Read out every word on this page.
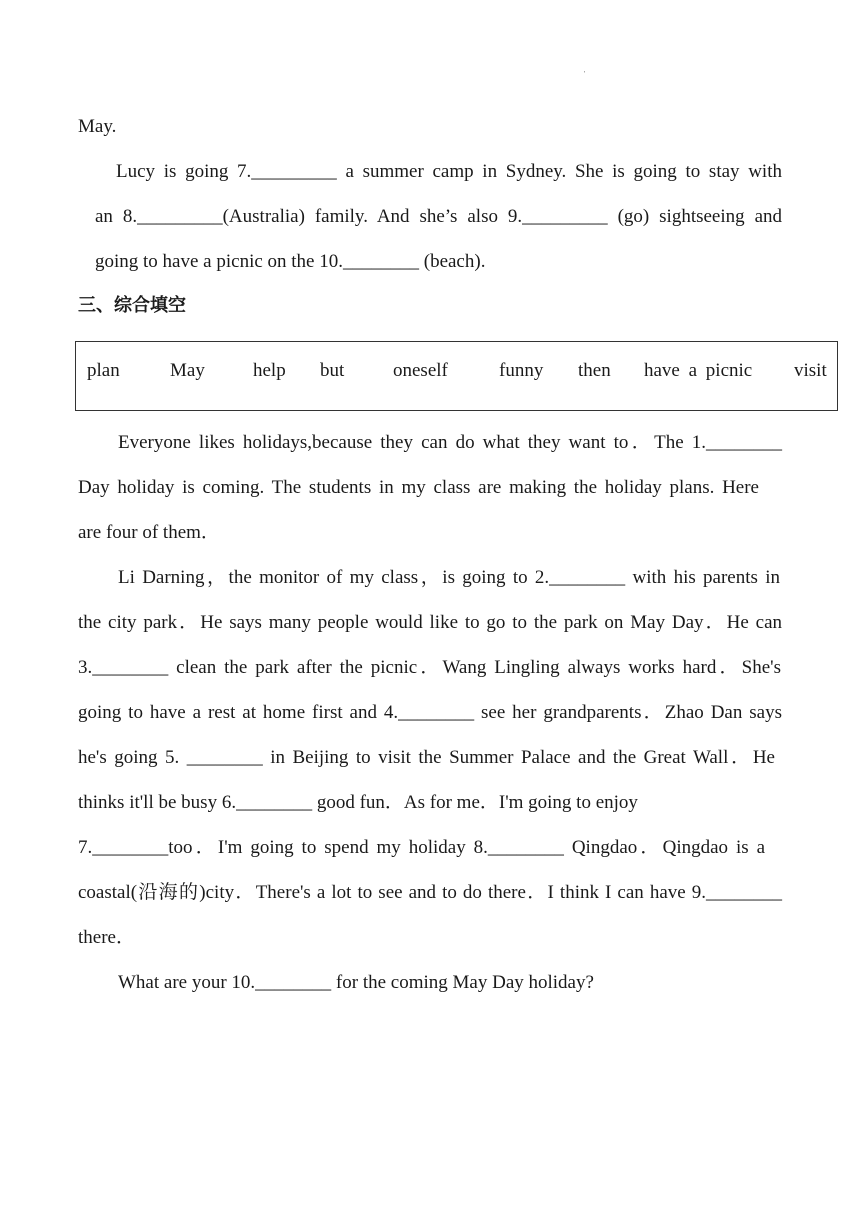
'
May.
Lucy is going 7._________ a summer camp in Sydney. She is going to stay with
an 8._________(Australia) family. And she’s also 9._________ (go) sightseeing and
going to have a picnic on the 10.________ (beach).
三、综合填空
plan	May	help but	oneself	funny then have a picnic visit
Everyone likes holidays,because they can do what they want to．The 1.________
Day holiday is coming. The students in my class are making the holiday plans. Here
are four of them．
Li Darning，the monitor of my class，is going to 2.________ with his parents in
the city park．He says many people would like to go to the park on May Day．He can
3.________ clean the park after the picnic．Wang Lingling always works hard．She's
going to have a rest at home first and 4.________ see her grandparents．Zhao Dan says
he's going 5. ________ in Beijing to visit the Summer Palace and the Great Wall．He
thinks it'll be busy 6.________ good fun．As for me．I'm going to enjoy
7.________too．I'm going to spend my holiday 8.________ Qingdao．Qingdao is a
coastal(沿海的)city．There's a lot to see and to do there．I think I can have 9.________
there．
What are your 10.________ for the coming May Day holiday?
